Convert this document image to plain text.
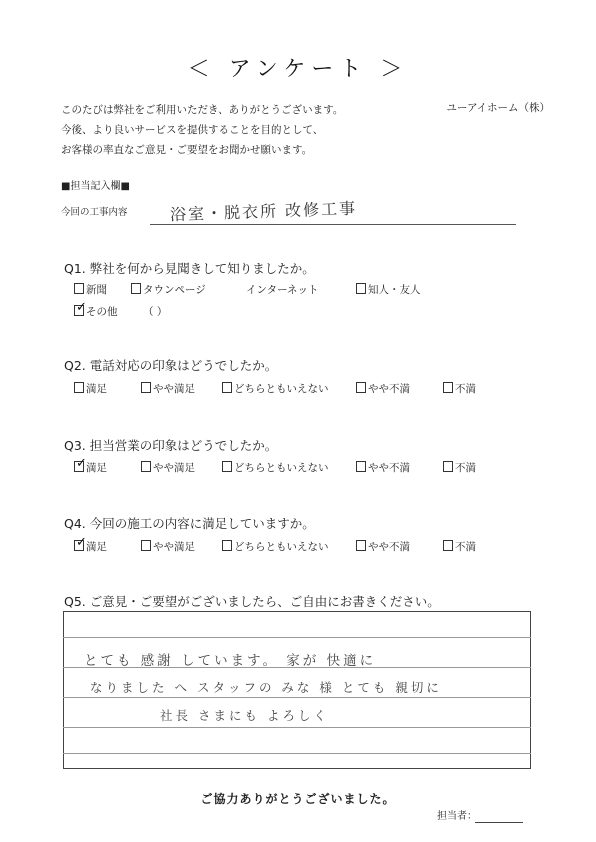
＜ アンケート ＞
このたびは弊社をご利用いただき、ありがとうございます。
今後、より良いサービスを提供することを目的として、
お客様の率直なご意見・ご要望をお聞かせ願います。
ユーアイホーム（株）
■担当記入欄■
今回の工事内容	浴室・脱衣所 改修工事
Q1. 弊社を何から見聞きして知りましたか。
新聞	タウンページ	インターネット	知人・友人
✓ その他 （ ）
Q2. 電話対応の印象はどうでしたか。
満足	やや満足	どちらともいえない	やや不満	不満
Q3. 担当営業の印象はどうでしたか。
✓ 満足	やや満足	どちらともいえない	やや不満	不満
Q4. 今回の施工の内容に満足していますか。
✓ 満足	やや満足	どちらともいえない	やや不満	不満
Q5. ご意見・ご要望がございましたら、ご自由にお書きください。
とても 感謝 しています。 家が 快適に
なりました へ スタッフの みな 様 とても 親切に
社長 さまにも よろしく
ご協力ありがとうございました。
担当者：
